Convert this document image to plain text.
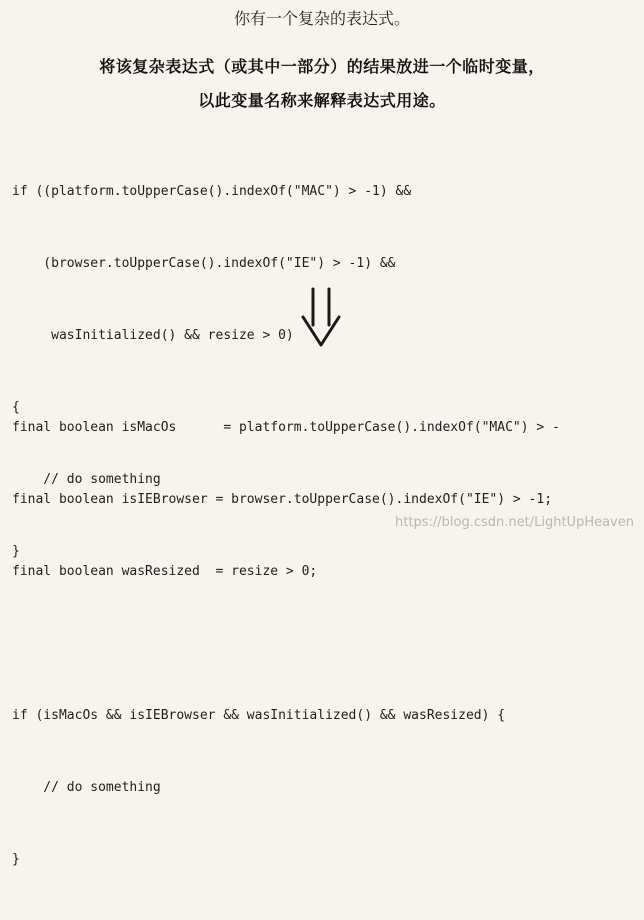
你有一个复杂的表达式。
将该复杂表达式（或其中一部分）的结果放进一个临时变量，
以此变量名称来解释表达式用途。

if ((platform.toUpperCase().indexOf("MAC") > -1) &&

(browser.toUpperCase().indexOf("IE") > -1) &&

wasInitialized() && resize > 0)

{

// do something

}

final boolean isMacOs      = platform.toUpperCase().indexOf("MAC") > -

final boolean isIEBrowser = browser.toUpperCase().indexOf("IE") > -1;

final boolean wasResized  = resize > 0;

if (isMacOs && isIEBrowser && wasInitialized() && wasResized) {

// do something

}

https://blog.csdn.net/LightUpHeaven
